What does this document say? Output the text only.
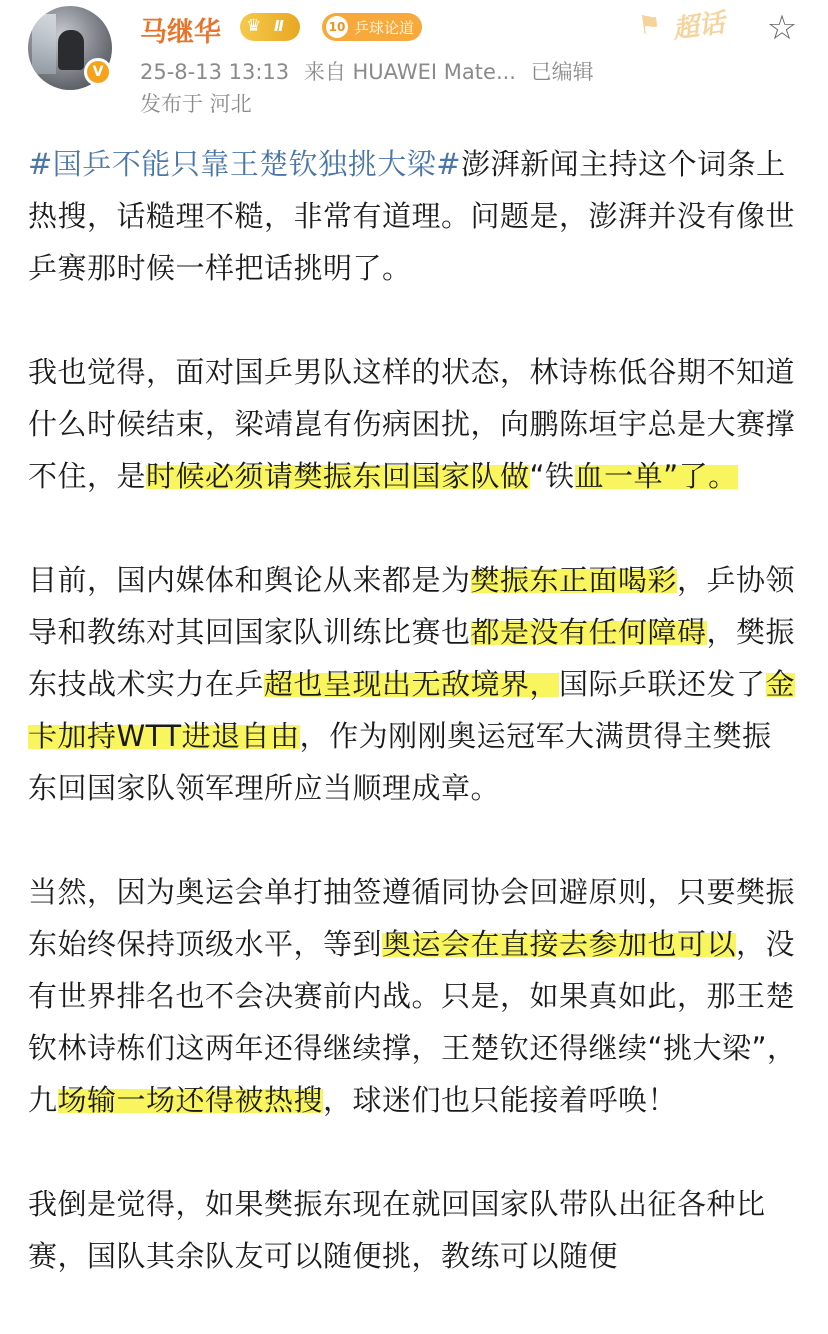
V
马继华 ♛ Ⅱ	10 乒球论道	⚑ 超话 ☆
25-8-13 13:13 来自 HUAWEI Mate... 已编辑
发布于 河北

#国乒不能只靠王楚钦独挑大梁#澎湃新闻主持这个词条上热搜，话糙理不糙，非常有道理。问题是，澎湃并没有像世乒赛那时候一样把话挑明了。

我也觉得，面对国乒男队这样的状态，林诗栋低谷期不知道什么时候结束，梁靖崑有伤病困扰，向鹏陈垣宇总是大赛撑不住，是时候必须请樊振东回国家队做“铁血一单”了。

目前，国内媒体和舆论从来都是为樊振东正面喝彩，乒协领导和教练对其回国家队训练比赛也都是没有任何障碍，樊振东技战术实力在乒超也呈现出无敌境界，国际乒联还发了金卡加持WTT进退自由，作为刚刚奥运冠军大满贯得主樊振东回国家队领军理所应当顺理成章。

当然，因为奥运会单打抽签遵循同协会回避原则，只要樊振东始终保持顶级水平，等到奥运会在直接去参加也可以，没有世界排名也不会决赛前内战。只是，如果真如此，那王楚钦林诗栋们这两年还得继续撑，王楚钦还得继续“挑大梁”，九场输一场还得被热搜，球迷们也只能接着呼唤！

我倒是觉得，如果樊振东现在就回国家队带队出征各种比赛，国队其余队友可以随便挑，教练可以随便
